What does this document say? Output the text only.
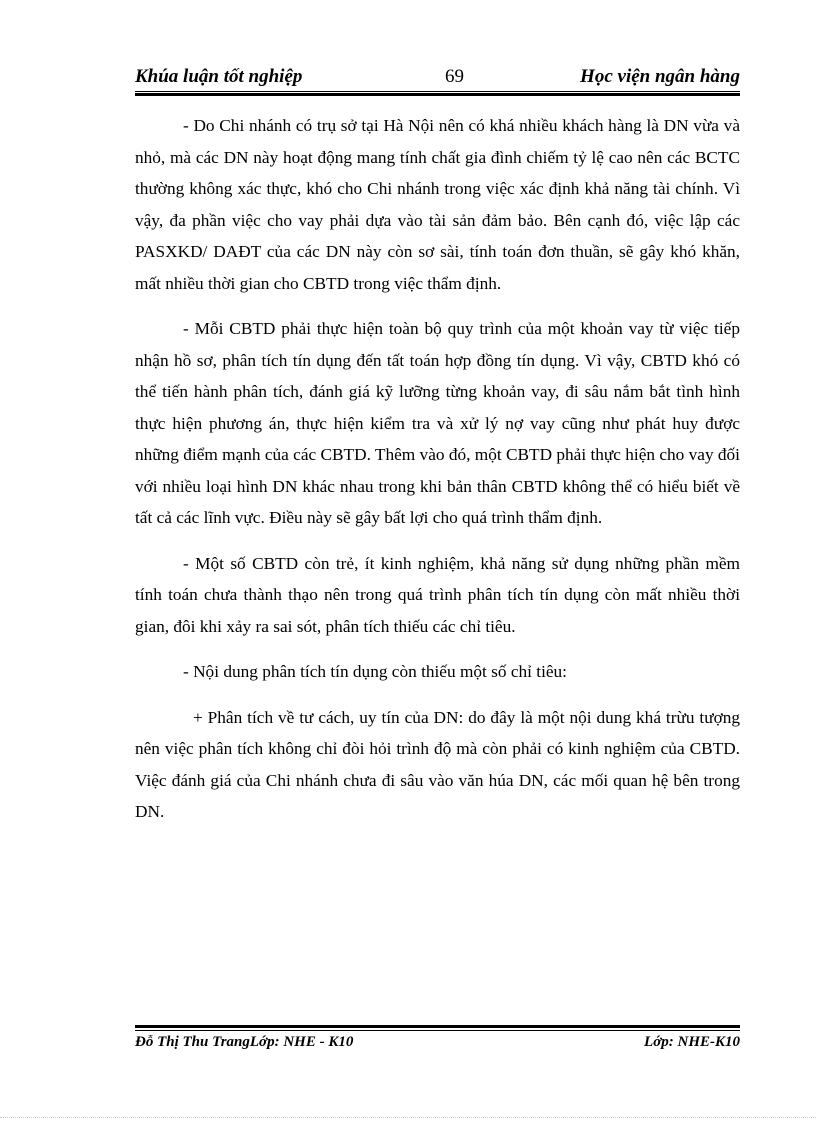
Khúa luận tốt nghiệp	69	Học viện ngân hàng

- Do Chi nhánh có trụ sở tại Hà Nội nên có khá nhiều khách hàng là DN vừa và nhỏ, mà các DN này hoạt động mang tính chất gia đình chiếm tỷ lệ cao nên các BCTC thường không xác thực, khó cho Chi nhánh trong việc xác định khả năng tài chính. Vì vậy, đa phần việc cho vay phải dựa vào tài sản đảm bảo. Bên cạnh đó, việc lập các PASXKD/ DAĐT của các DN này còn sơ sài, tính toán đơn thuần, sẽ gây khó khăn, mất nhiều thời gian cho CBTD trong việc thẩm định.

- Mỗi CBTD phải thực hiện toàn bộ quy trình của một khoản vay từ việc tiếp nhận hồ sơ, phân tích tín dụng đến tất toán hợp đồng tín dụng. Vì vậy, CBTD khó có thể tiến hành phân tích, đánh giá kỹ lưỡng từng khoản vay, đi sâu nắm bắt tình hình thực hiện phương án, thực hiện kiểm tra và xử lý nợ vay cũng như phát huy được những điểm mạnh của các CBTD. Thêm vào đó, một CBTD phải thực hiện cho vay đối với nhiều loại hình DN khác nhau trong khi bản thân CBTD không thể có hiểu biết về tất cả các lĩnh vực. Điều này sẽ gây bất lợi cho quá trình thẩm định.

- Một số CBTD còn trẻ, ít kinh nghiệm, khả năng sử dụng những phần mềm tính toán chưa thành thạo nên trong quá trình phân tích tín dụng còn mất nhiều thời gian, đôi khi xảy ra sai sót, phân tích thiếu các chỉ tiêu.

- Nội dung phân tích tín dụng còn thiếu một số chỉ tiêu:

+ Phân tích về tư cách, uy tín của DN: do đây là một nội dung khá trừu tượng nên việc phân tích không chỉ đòi hỏi trình độ mà còn phải có kinh nghiệm của CBTD. Việc đánh giá của Chi nhánh chưa đi sâu vào văn húa DN, các mối quan hệ bên trong DN.

Đỗ Thị Thu TrangLớp: NHE - K10	Lớp: NHE-K10
